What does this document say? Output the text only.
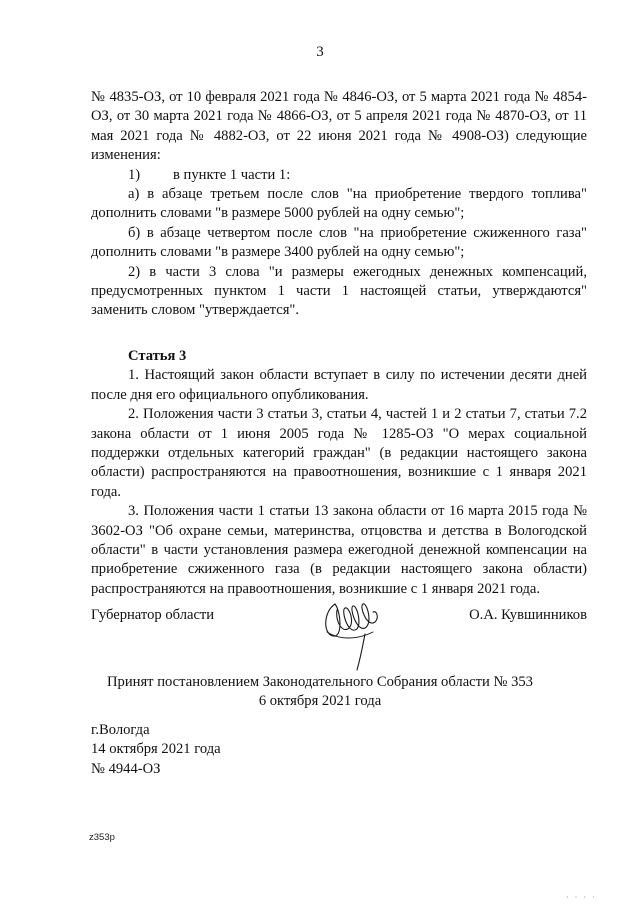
3

№ 4835-ОЗ, от 10 февраля 2021 года № 4846-ОЗ, от 5 марта 2021 года № 4854-ОЗ, от 30 марта 2021 года № 4866-ОЗ, от 5 апреля 2021 года № 4870-ОЗ, от 11 мая 2021 года № 4882-ОЗ, от 22 июня 2021 года № 4908-ОЗ) следующие изменения:

1) в пункте 1 части 1:

а) в абзаце третьем после слов "на приобретение твердого топлива" дополнить словами "в размере 5000 рублей на одну семью";

б) в абзаце четвертом после слов "на приобретение сжиженного газа" дополнить словами "в размере 3400 рублей на одну семью";

2) в части 3 слова "и размеры ежегодных денежных компенсаций, предусмотренных пунктом 1 части 1 настоящей статьи, утверждаются" заменить словом "утверждается".

Статья 3

1. Настоящий закон области вступает в силу по истечении десяти дней после дня его официального опубликования.

2. Положения части 3 статьи 3, статьи 4, частей 1 и 2 статьи 7, статьи 7.2 закона области от 1 июня 2005 года № 1285-ОЗ "О мерах социальной поддержки отдельных категорий граждан" (в редакции настоящего закона области) распространяются на правоотношения, возникшие с 1 января 2021 года.

3. Положения части 1 статьи 13 закона области от 16 марта 2015 года № 3602-ОЗ "Об охране семьи, материнства, отцовства и детства в Вологодской области" в части установления размера ежегодной денежной компенсации на приобретение сжиженного газа (в редакции настоящего закона области) распространяются на правоотношения, возникшие с 1 января 2021 года.

Губернатор области	О.А. Кувшинников
Принят постановлением Законодательного Собрания области № 353
6 октября 2021 года
г.Вологда
14 октября 2021 года
№ 4944-ОЗ
z353p
· · · ·
